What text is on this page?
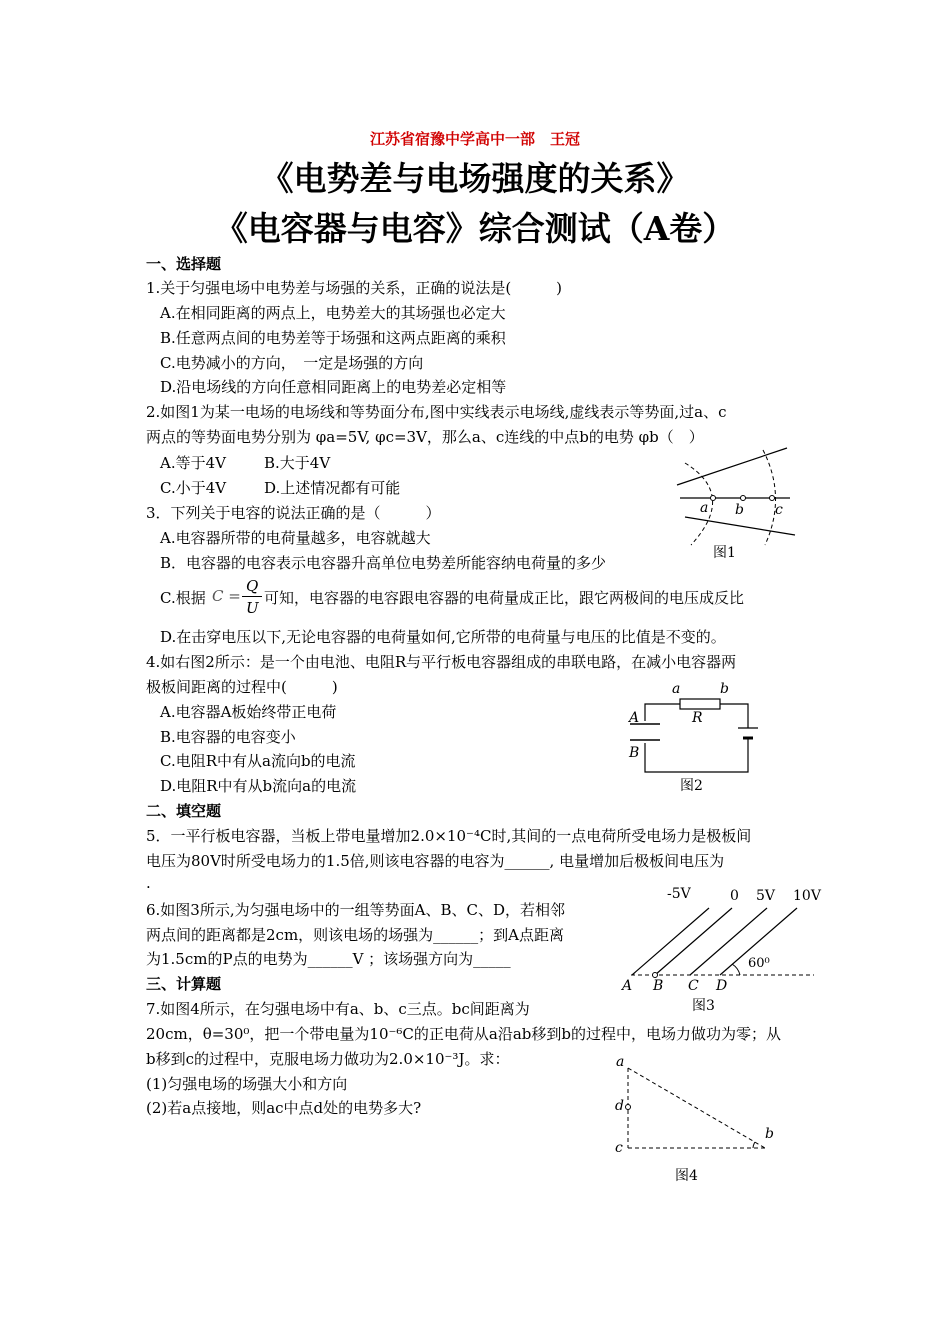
江苏省宿豫中学高中一部　王冠
《电势差与电场强度的关系》
《电容器与电容》综合测试（A卷）
一、选择题
1.关于匀强电场中电势差与场强的关系，正确的说法是(　　　)
A.在相同距离的两点上，电势差大的其场强也必定大
B.任意两点间的电势差等于场强和这两点距离的乘积
C.电势减小的方向，　一定是场强的方向
D.沿电场线的方向任意相同距离上的电势差必定相等
2.如图1为某一电场的电场线和等势面分布,图中实线表示电场线,虚线表示等势面,过a、c
两点的等势面电势分别为 φa=5V, φc=3V，那么a、c连线的中点b的电势 φb（　）
A.等于4V	B.大于4V
C.小于4V	D.上述情况都有可能
a b c
图1
3．下列关于电容的说法正确的是（　　　）
A.电容器所带的电荷量越多，电容就越大
B．电容器的电容表示电容器升高单位电势差所能容纳电荷量的多少
C.根据 C =
Q
U
可知，电容器的电容跟电容器的电荷量成正比，跟它两极间的电压成反比
D.在击穿电压以下,无论电容器的电荷量如何,它所带的电荷量与电压的比值是不变的。
4.如右图2所示：是一个由电池、电阻R与平行板电容器组成的串联电路，在减小电容器两
极板间距离的过程中(　　　)
A.电容器A板始终带正电荷
B.电容器的电容变小
C.电阻R中有从a流向b的电流
D.电阻R中有从b流向a的电流
a	b
R
A
B
图2
二、填空题
5．一平行板电容器，当板上带电量增加2.0×10⁻⁴C时,其间的一点电荷所受电场力是极板间
电压为80V时所受电场力的1.5倍,则该电容器的电容为______, 电量增加后极板间电压为
.
6.如图3所示,为匀强电场中的一组等势面A、B、C、D，若相邻
两点间的距离都是2cm，则该电场的场强为______；到A点距离
为1.5cm的P点的电势为______V ；该场强方向为_____
-5V	0 5V 10V
60⁰
A B C D
图3
三、计算题
7.如图4所示，在匀强电场中有a、b、c三点。bc间距离为
20cm，θ=30⁰，把一个带电量为10⁻⁶C的正电荷从a沿ab移到b的过程中，电场力做功为零；从
b移到c的过程中，克服电场力做功为2.0×10⁻³J。求：
(1)匀强电场的场强大小和方向
(2)若a点接地，则ac中点d处的电势多大?
a
b
c
d
图4
